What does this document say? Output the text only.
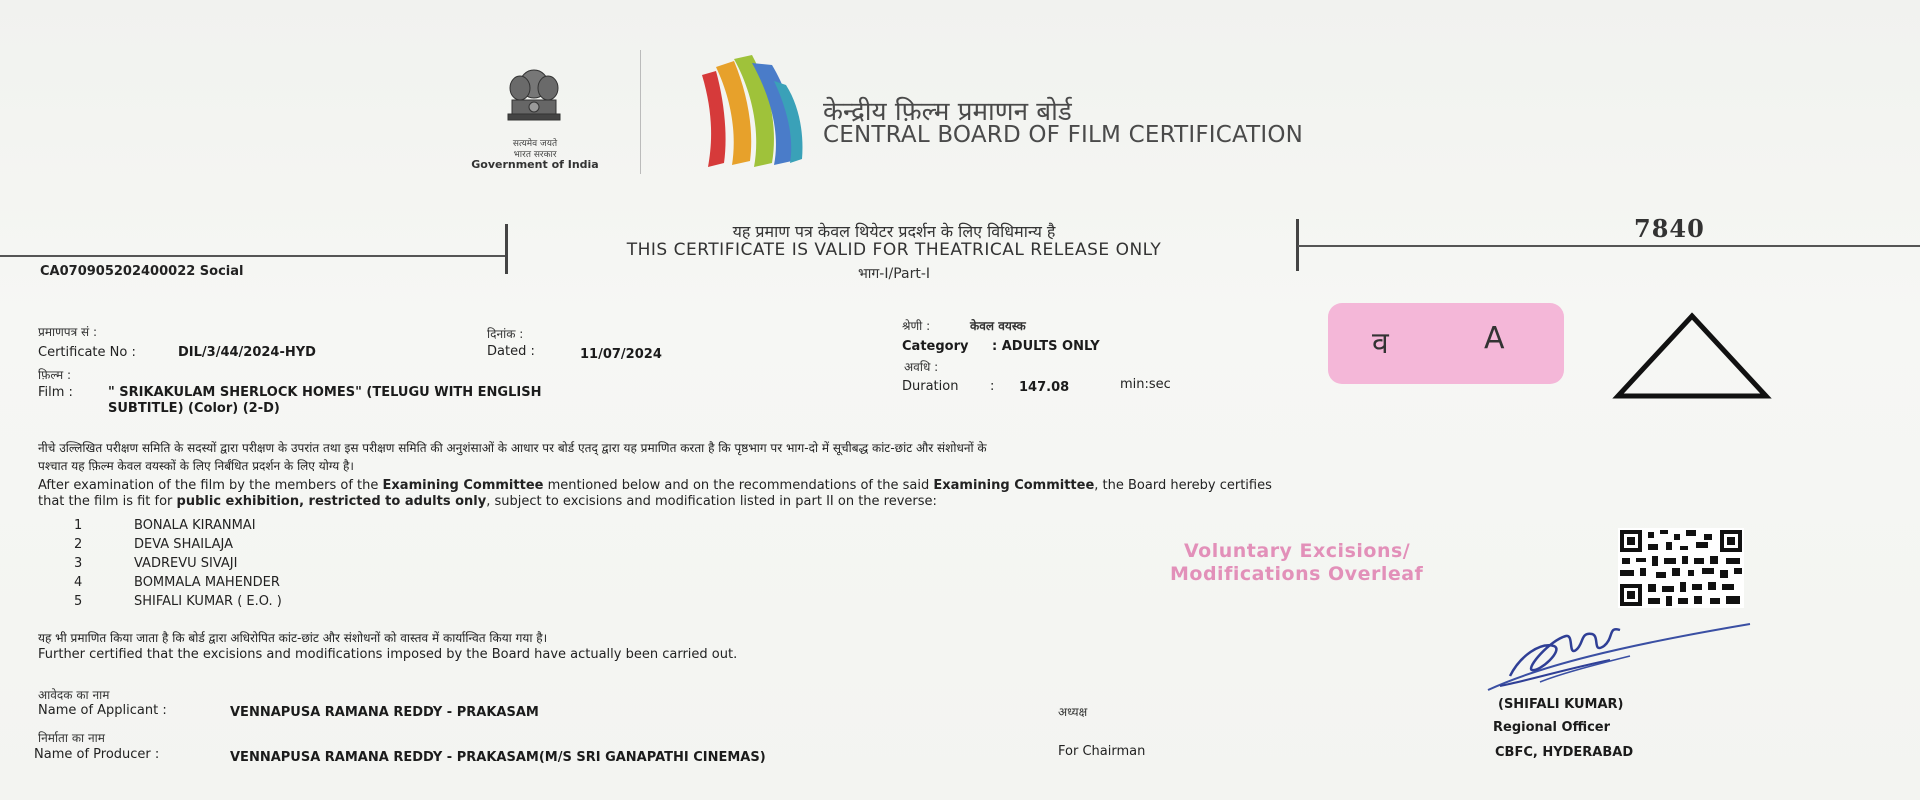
सत्यमेव जयते
भारत सरकार
Government of India
केन्द्रीय फ़िल्म प्रमाणन बोर्ड
CENTRAL BOARD OF FILM CERTIFICATION
यह प्रमाण पत्र केवल थियेटर प्रदर्शन के लिए विधिमान्य है
THIS CERTIFICATE IS VALID FOR THEATRICAL RELEASE ONLY
भाग-I/Part-I
7840
CA070905202400022 Social
प्रमाणपत्र सं :
Certificate No :	DIL/3/44/2024-HYD
दिनांक :
Dated :	11/07/2024
फ़िल्म :
Film :	" SRIKAKULAM SHERLOCK HOMES" (TELUGU WITH ENGLISH
SUBTITLE) (Color) (2-D)
श्रेणी :	केवल वयस्क
Category : ADULTS ONLY
अवधि :
Duration : 147.08	min:sec
व	A
नीचे उल्लिखित परीक्षण समिति के सदस्यों द्वारा परीक्षण के उपरांत तथा इस परीक्षण समिति की अनुशंसाओं के आधार पर बोर्ड एतद् द्वारा यह प्रमाणित करता है कि पृष्ठभाग पर भाग-दो में सूचीबद्ध कांट-छांट और संशोधनों के
पश्चात यह फ़िल्म केवल वयस्कों के लिए निर्बंधित प्रदर्शन के लिए योग्य है।
After examination of the film by the members of the Examining Committee mentioned below and on the recommendations of the said Examining Committee, the Board hereby certifies
that the film is fit for public exhibition, restricted to adults only, subject to excisions and modification listed in part II on the reverse:
1	BONALA KIRANMAI
2	DEVA SHAILAJA
3	VADREVU SIVAJI
4	BOMMALA MAHENDER
5	SHIFALI KUMAR ( E.O. )
Voluntary Excisions/
Modifications Overleaf
यह भी प्रमाणित किया जाता है कि बोर्ड द्वारा अधिरोपित कांट-छांट और संशोधनों को वास्तव में कार्यान्वित किया गया है।
Further certified that the excisions and modifications imposed by the Board have actually been carried out.
आवेदक का नाम
Name of Applicant :	VENNAPUSA RAMANA REDDY - PRAKASAM
निर्माता का नाम
Name of Producer :	VENNAPUSA RAMANA REDDY - PRAKASAM(M/S SRI GANAPATHI CINEMAS)
अध्यक्ष
For Chairman
(SHIFALI KUMAR)
Regional Officer
CBFC, HYDERABAD
